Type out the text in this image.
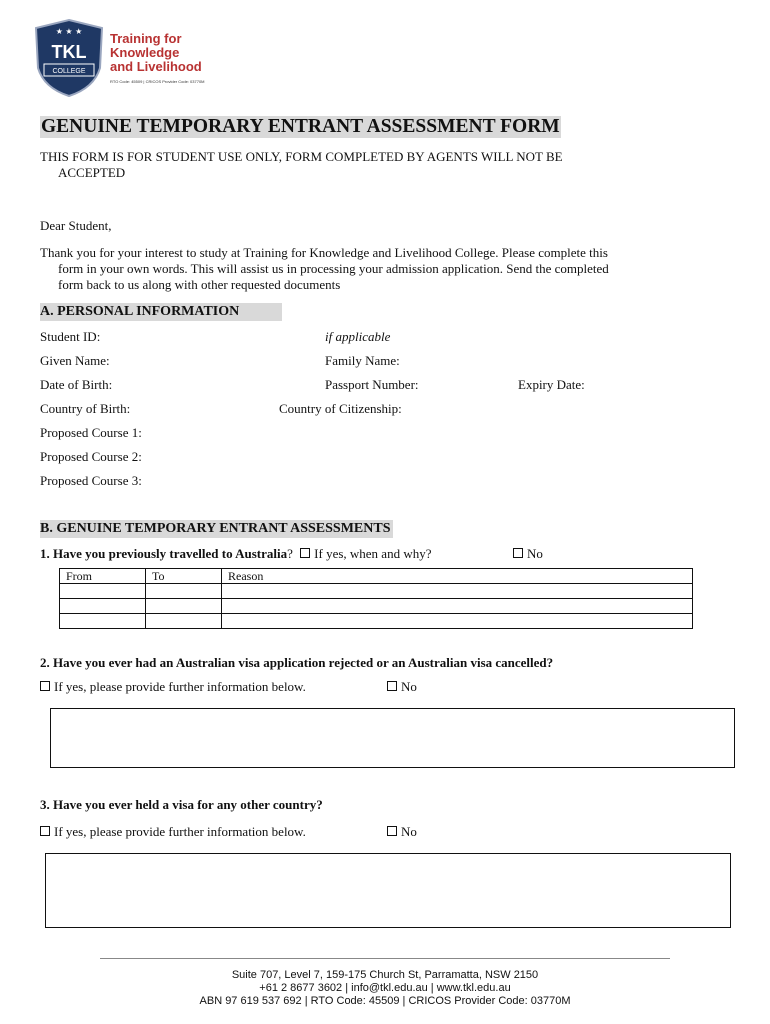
★ ★ ★
TKL
COLLEGE
Training for
Knowledge
and Livelihood
RTO Code: 45509 | CRICOS Provider Code: 03770M
GENUINE TEMPORARY ENTRANT ASSESSMENT FORM
THIS FORM IS FOR STUDENT USE ONLY, FORM COMPLETED BY AGENTS WILL NOT BE
ACCEPTED
Dear Student,
Thank you for your interest to study at Training for Knowledge and Livelihood College. Please complete this
form in your own words. This will assist us in processing your admission application. Send the completed
form back to us along with other requested documents
A. PERSONAL INFORMATION
Student ID:	if applicable
Given Name:	Family Name:
Date of Birth:	Passport Number:	Expiry Date:
Country of Birth:	Country of Citizenship:
Proposed Course 1:
Proposed Course 2:
Proposed Course 3:
B. GENUINE TEMPORARY ENTRANT ASSESSMENTS
1. Have you previously travelled to Australia? If yes, when and why?	No
From	To	Reason

2. Have you ever had an Australian visa application rejected or an Australian visa cancelled?
If yes, please provide further information below.	No
3. Have you ever held a visa for any other country?
If yes, please provide further information below.	No
Suite 707, Level 7, 159-175 Church St, Parramatta, NSW 2150
+61 2 8677 3602 | info@tkl.edu.au | www.tkl.edu.au
ABN 97 619 537 692 | RTO Code: 45509 | CRICOS Provider Code: 03770M
